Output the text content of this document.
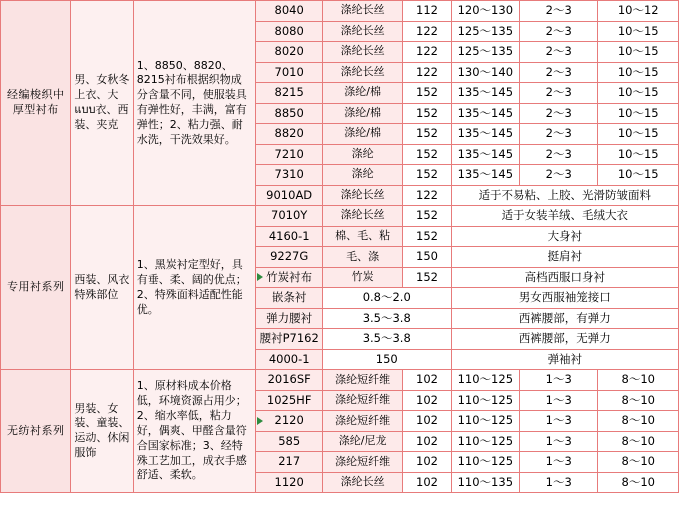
经编梭织中厚型衬布	男、女秋冬上衣、大แบบ衣、西装、夹克	1、8850、8820、8215衬布根据织物成分含量不同，使服装具有弹性好，丰满，富有弹性；2、粘力强、耐水洗，干洗效果好。	8040	涤纶长丝	112	120～130	2～3	10～12
			8080	涤纶长丝	122	125～135	2～3	10～15
			8020	涤纶长丝	122	125～135	2～3	10～15
			7010	涤纶长丝	122	130～140	2～3	10～15
			8215	涤纶/棉	152	135～145	2～3	10～15
			8850	涤纶/棉	152	135～145	2～3	10～15
			8820	涤纶/棉	152	135～145	2～3	10～15
			7210	涤纶	152	135～145	2～3	10～15
			7310	涤纶	152	135～145	2～3	10～15
			9010AD	涤纶长丝	122	适于不易粘、上胶、光滑防皱面料		
专用衬系列	西装、风衣特殊部位	1、黑炭衬定型好，具有垂、柔、阔的优点；2、特殊面料适配性能优。	7010Y	涤纶长丝	152	适于女装羊绒、毛绒大衣		
			4160-1	棉、毛、粘	152	大身衬		
			9227G	毛、涤	150	挺肩衬		

竹炭衬布	竹炭	152	高档西服口身衬		
			嵌条衬	0.8～2.0		男女西服袖笼接口		
			弹力腰衬	3.5～3.8		西裤腰部，有弹力		
			腰衬P7162	3.5～3.8		西裤腰部，无弹力		
			4000-1	150		弹袖衬		
无纺衬系列	男装、女装、童装、运动、休闲服饰	1、原材料成本价格低，环境资源占用少；2、缩水率低，粘力好，偶爽、甲醛含量符合国家标准；3、经特殊工艺加工，成衣手感舒适、柔软。	2016SF	涤纶短纤维	102	110～125	1～3	8～10
			1025HF	涤纶短纤维	102	110～125	1～3	8～10

2120	涤纶短纤维	102	110～125	1～3	8～10
			585	涤纶/尼龙	102	110～125	1～3	8～10
			217	涤纶短纤维	102	110～125	1～3	8～10
			1120	涤纶长丝	102	110～135	1～3	8～10
